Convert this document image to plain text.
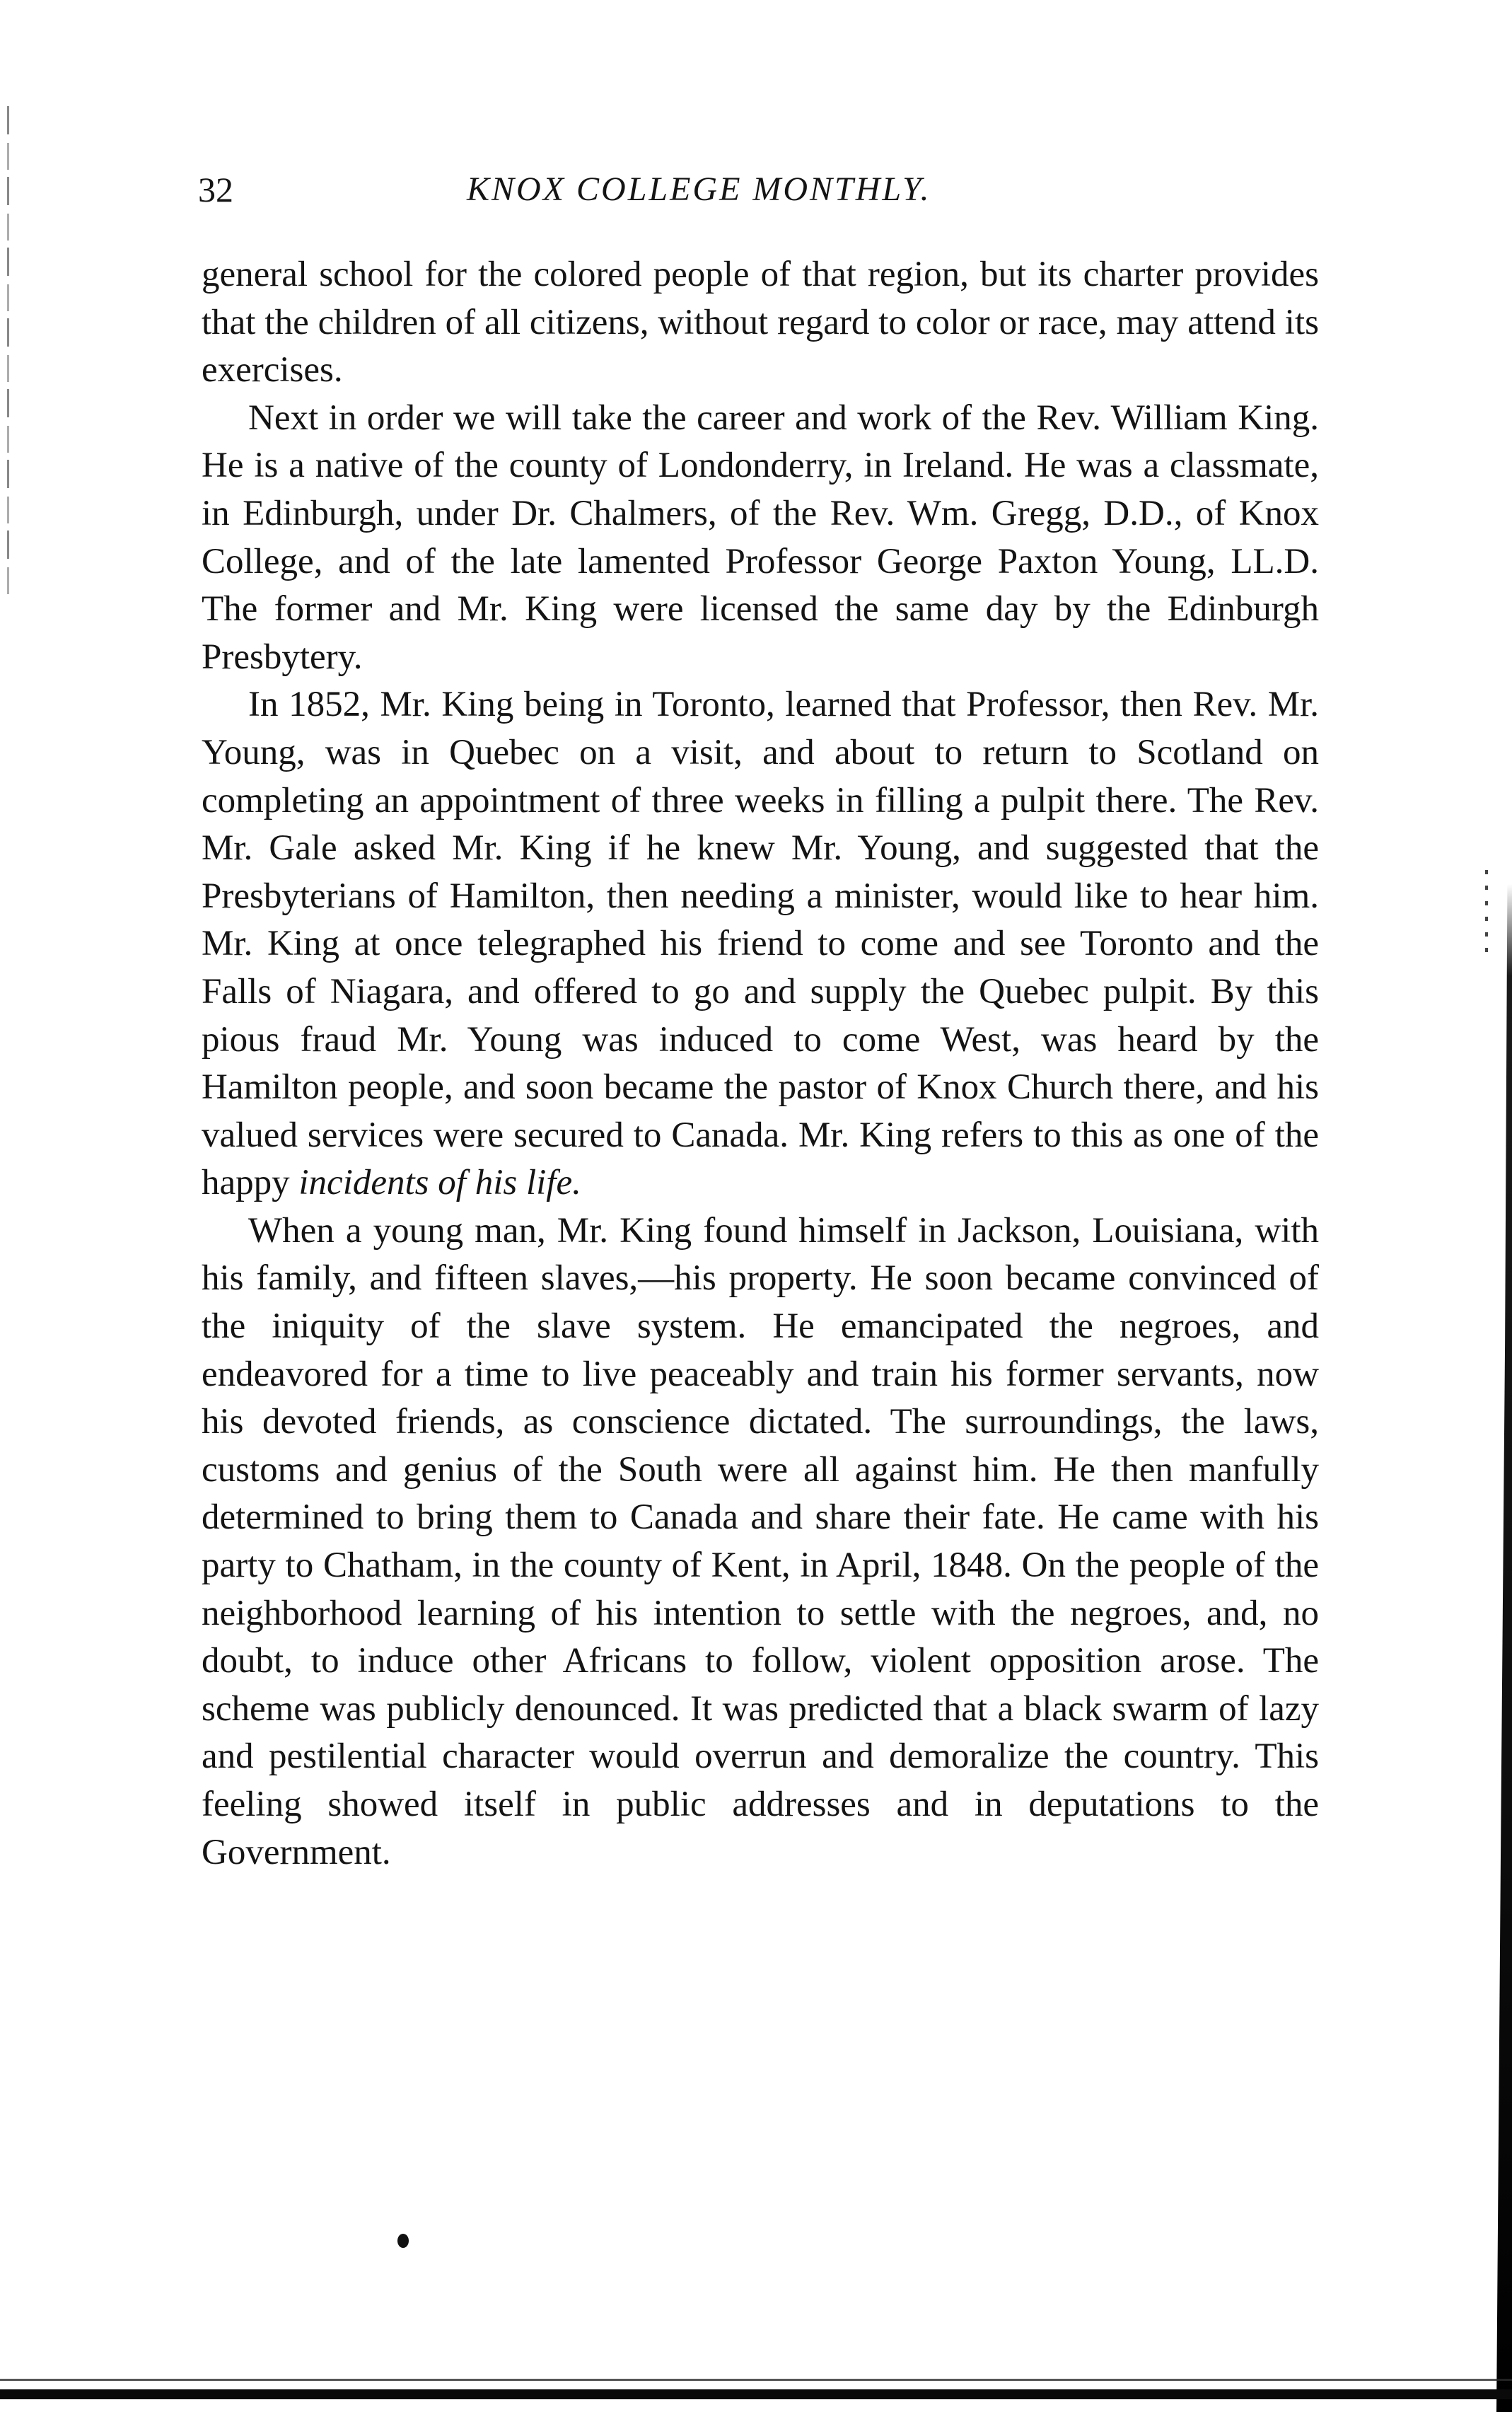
32	KNOX COLLEGE MONTHLY.

general school for the colored people of that region, but its charter provides that the children of all citizens, without regard to color or race, may attend its exercises.

Next in order we will take the career and work of the Rev. William King. He is a native of the county of Londonderry, in Ireland. He was a classmate, in Edinburgh, under Dr. Chalmers, of the Rev. Wm. Gregg, D.D., of Knox College, and of the late lamented Professor George Paxton Young, LL.D. The former and Mr. King were licensed the same day by the Edinburgh Presbytery.

In 1852, Mr. King being in Toronto, learned that Professor, then Rev. Mr. Young, was in Quebec on a visit, and about to return to Scotland on completing an appointment of three weeks in filling a pulpit there. The Rev. Mr. Gale asked Mr. King if he knew Mr. Young, and suggested that the Presbyterians of Hamilton, then needing a minister, would like to hear him. Mr. King at once telegraphed his friend to come and see Toronto and the Falls of Niagara, and offered to go and supply the Quebec pulpit. By this pious fraud Mr. Young was induced to come West, was heard by the Hamilton people, and soon became the pastor of Knox Church there, and his valued services were secured to Canada. Mr. King refers to this as one of the happy incidents of his life.

When a young man, Mr. King found himself in Jackson, Louisiana, with his family, and fifteen slaves,—his property. He soon became convinced of the iniquity of the slave system. He emancipated the negroes, and endeavored for a time to live peaceably and train his former servants, now his devoted friends, as conscience dictated. The surroundings, the laws, customs and genius of the South were all against him. He then manfully determined to bring them to Canada and share their fate. He came with his party to Chatham, in the county of Kent, in April, 1848. On the people of the neighborhood learning of his intention to settle with the negroes, and, no doubt, to induce other Africans to follow, violent opposition arose. The scheme was publicly denounced. It was predicted that a black swarm of lazy and pestilential character would overrun and demoralize the country. This feeling showed itself in public addresses and in deputations to the Government.
